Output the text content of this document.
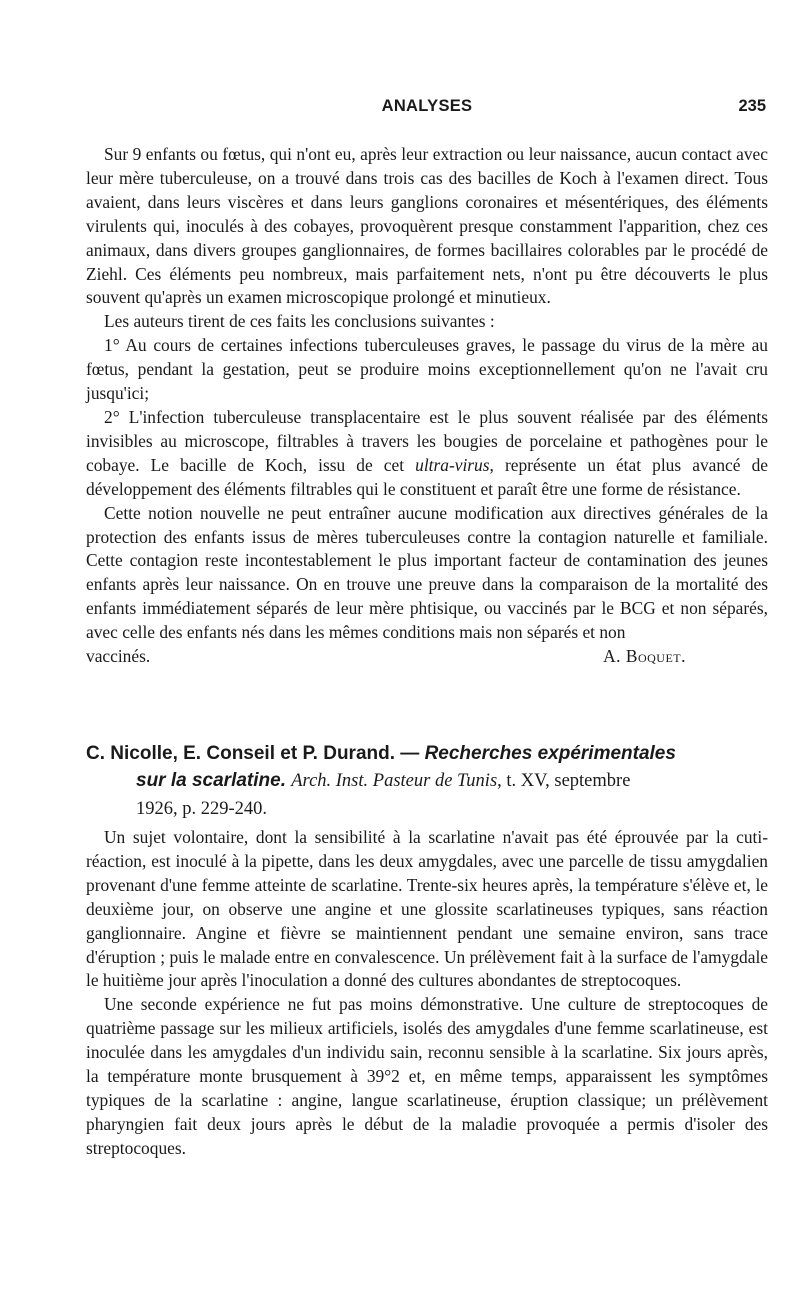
ANALYSES	235

Sur 9 enfants ou fœtus, qui n'ont eu, après leur extraction ou leur naissance, aucun contact avec leur mère tuberculeuse, on a trouvé dans trois cas des bacilles de Koch à l'examen direct. Tous avaient, dans leurs viscères et dans leurs ganglions coronaires et mésentériques, des éléments virulents qui, inoculés à des cobayes, provoquèrent presque constamment l'apparition, chez ces animaux, dans divers groupes ganglionnaires, de formes bacillaires colorables par le procédé de Ziehl. Ces éléments peu nombreux, mais parfaitement nets, n'ont pu être découverts le plus souvent qu'après un examen microscopique prolongé et minutieux.

Les auteurs tirent de ces faits les conclusions suivantes :

1° Au cours de certaines infections tuberculeuses graves, le passage du virus de la mère au fœtus, pendant la gestation, peut se produire moins exceptionnellement qu'on ne l'avait cru jusqu'ici;

2° L'infection tuberculeuse transplacentaire est le plus souvent réalisée par des éléments invisibles au microscope, filtrables à travers les bougies de porcelaine et pathogènes pour le cobaye. Le bacille de Koch, issu de cet ultra-virus, représente un état plus avancé de développement des éléments filtrables qui le constituent et paraît être une forme de résistance.

Cette notion nouvelle ne peut entraîner aucune modification aux directives générales de la protection des enfants issus de mères tuberculeuses contre la contagion naturelle et familiale. Cette contagion reste incontestablement le plus important facteur de contamination des jeunes enfants après leur naissance. On en trouve une preuve dans la comparaison de la mortalité des enfants immédiatement séparés de leur mère phtisique, ou vaccinés par le BCG et non séparés, avec celle des enfants nés dans les mêmes conditions mais non séparés et non

vaccinés.	A. Boquet.
C. Nicolle, E. Conseil et P. Durand. — Recherches expérimentales
sur la scarlatine. Arch. Inst. Pasteur de Tunis, t. XV, septembre
1926, p. 229-240.

Un sujet volontaire, dont la sensibilité à la scarlatine n'avait pas été éprouvée par la cuti-réaction, est inoculé à la pipette, dans les deux amygdales, avec une parcelle de tissu amygdalien provenant d'une femme atteinte de scarlatine. Trente-six heures après, la température s'élève et, le deuxième jour, on observe une angine et une glossite scarlatineuses typiques, sans réaction ganglionnaire. Angine et fièvre se maintiennent pendant une semaine environ, sans trace d'éruption ; puis le malade entre en convalescence. Un prélèvement fait à la surface de l'amygdale le huitième jour après l'inoculation a donné des cultures abondantes de streptocoques.

Une seconde expérience ne fut pas moins démonstrative. Une culture de streptocoques de quatrième passage sur les milieux artificiels, isolés des amygdales d'une femme scarlatineuse, est inoculée dans les amygdales d'un individu sain, reconnu sensible à la scarlatine. Six jours après, la température monte brusquement à 39°2 et, en même temps, apparaissent les symptômes typiques de la scarlatine : angine, langue scarlatineuse, éruption classique; un prélèvement pharyngien fait deux jours après le début de la maladie provoquée a permis d'isoler des streptocoques.
